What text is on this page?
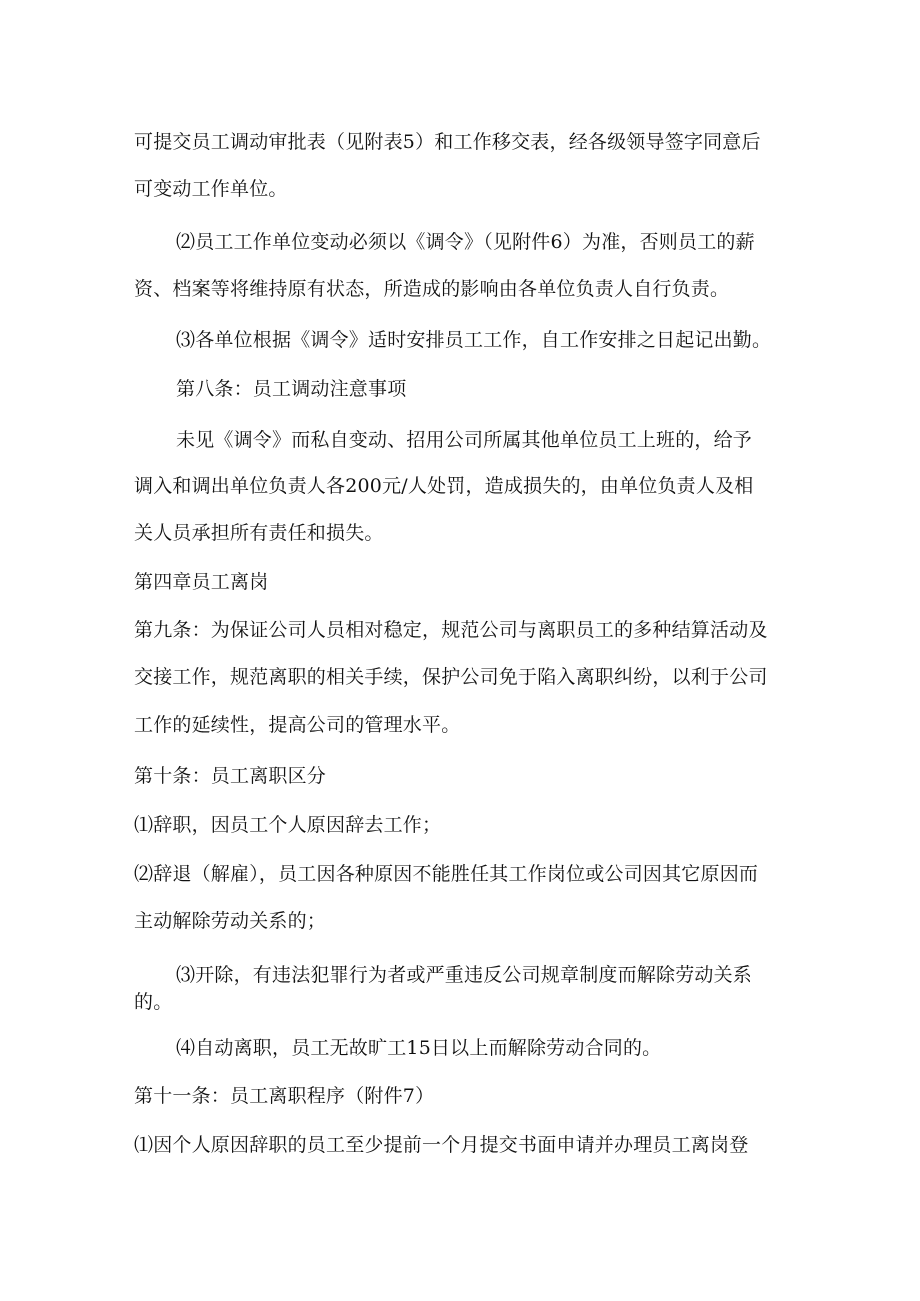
可提交员工调动审批表（见附表5）和工作移交表，经各级领导签字同意后
可变动工作单位。
⑵员工工作单位变动必须以《调令》（见附件6）为准，否则员工的薪
资、档案等将维持原有状态，所造成的影响由各单位负责人自行负责。
⑶各单位根据《调令》适时安排员工工作，自工作安排之日起记出勤。
第八条：员工调动注意事项
未见《调令》而私自变动、招用公司所属其他单位员工上班的，给予
调入和调出单位负责人各200元/人处罚，造成损失的，由单位负责人及相
关人员承担所有责任和损失。
第四章员工离岗
第九条：为保证公司人员相对稳定，规范公司与离职员工的多种结算活动及
交接工作，规范离职的相关手续，保护公司免于陷入离职纠纷，以利于公司
工作的延续性，提高公司的管理水平。
第十条：员工离职区分
⑴辞职，因员工个人原因辞去工作；
⑵辞退（解雇），员工因各种原因不能胜任其工作岗位或公司因其它原因而
主动解除劳动关系的；
⑶开除，有违法犯罪行为者或严重违反公司规章制度而解除劳动关系
的。
⑷自动离职，员工无故旷工15日以上而解除劳动合同的。
第十一条：员工离职程序（附件7）
⑴因个人原因辞职的员工至少提前一个月提交书面申请并办理员工离岗登
